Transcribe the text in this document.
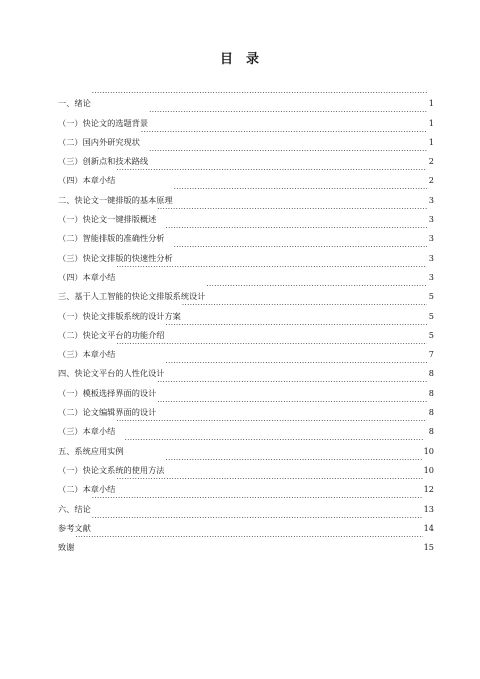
目 录
一、绪论 .....	1
（一）快论文的选题背景 .....	1
（二）国内外研究现状 .....	1
（三）创新点和技术路线 .....	2
（四）本章小结 .....	2
二、快论文一键排版的基本原理 .....	3
（一）快论文一键排版概述 .....	3
（二）智能排版的准确性分析 .....	3
（三）快论文排版的快速性分析 .....	3
（四）本章小结 .....	3
三、基于人工智能的快论文排版系统设计 .....	5
（一）快论文排版系统的设计方案 .....	5
（二）快论文平台的功能介绍 .....	5
（三）本章小结 .....	7
四、快论文平台的人性化设计 .....	8
（一）模板选择界面的设计 .....	8
（二）论文编辑界面的设计 .....	8
（三）本章小结 .....	8
五、系统应用实例 .....	10
（一）快论文系统的使用方法 .....	10
（二）本章小结 .....	12
六、结论 .....	13
参考文献 .....	14
致谢 .....	15
